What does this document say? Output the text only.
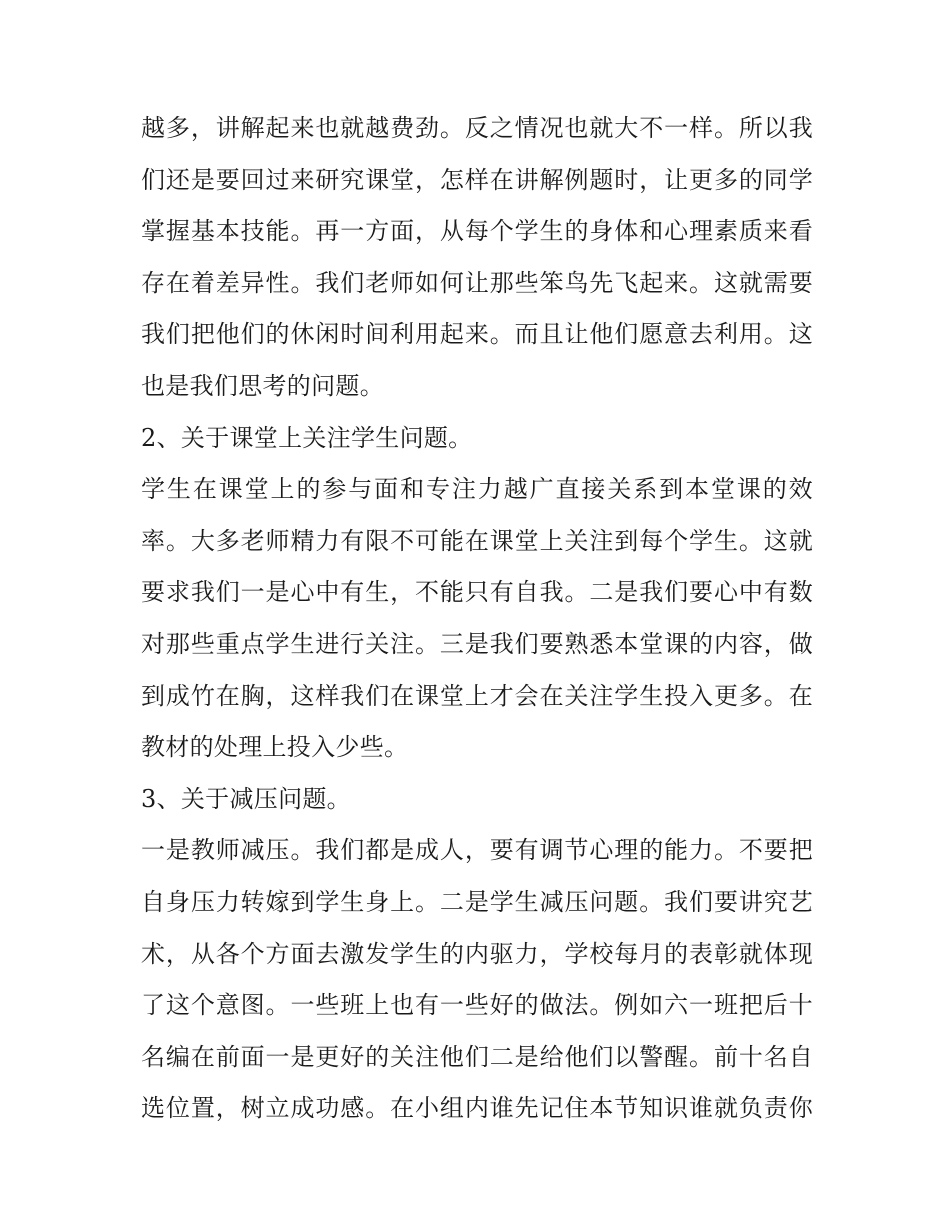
越多，讲解起来也就越费劲。反之情况也就大不一样。所以我
们还是要回过来研究课堂，怎样在讲解例题时，让更多的同学
掌握基本技能。再一方面，从每个学生的身体和心理素质来看
存在着差异性。我们老师如何让那些笨鸟先飞起来。这就需要
我们把他们的休闲时间利用起来。而且让他们愿意去利用。这
也是我们思考的问题。
2、关于课堂上关注学生问题。
学生在课堂上的参与面和专注力越广直接关系到本堂课的效
率。大多老师精力有限不可能在课堂上关注到每个学生。这就
要求我们一是心中有生，不能只有自我。二是我们要心中有数
对那些重点学生进行关注。三是我们要熟悉本堂课的内容，做
到成竹在胸，这样我们在课堂上才会在关注学生投入更多。在
教材的处理上投入少些。
3、关于减压问题。
一是教师减压。我们都是成人，要有调节心理的能力。不要把
自身压力转嫁到学生身上。二是学生减压问题。我们要讲究艺
术，从各个方面去激发学生的内驱力，学校每月的表彰就体现
了这个意图。一些班上也有一些好的做法。例如六一班把后十
名编在前面一是更好的关注他们二是给他们以警醒。前十名自
选位置，树立成功感。在小组内谁先记住本节知识谁就负责你
